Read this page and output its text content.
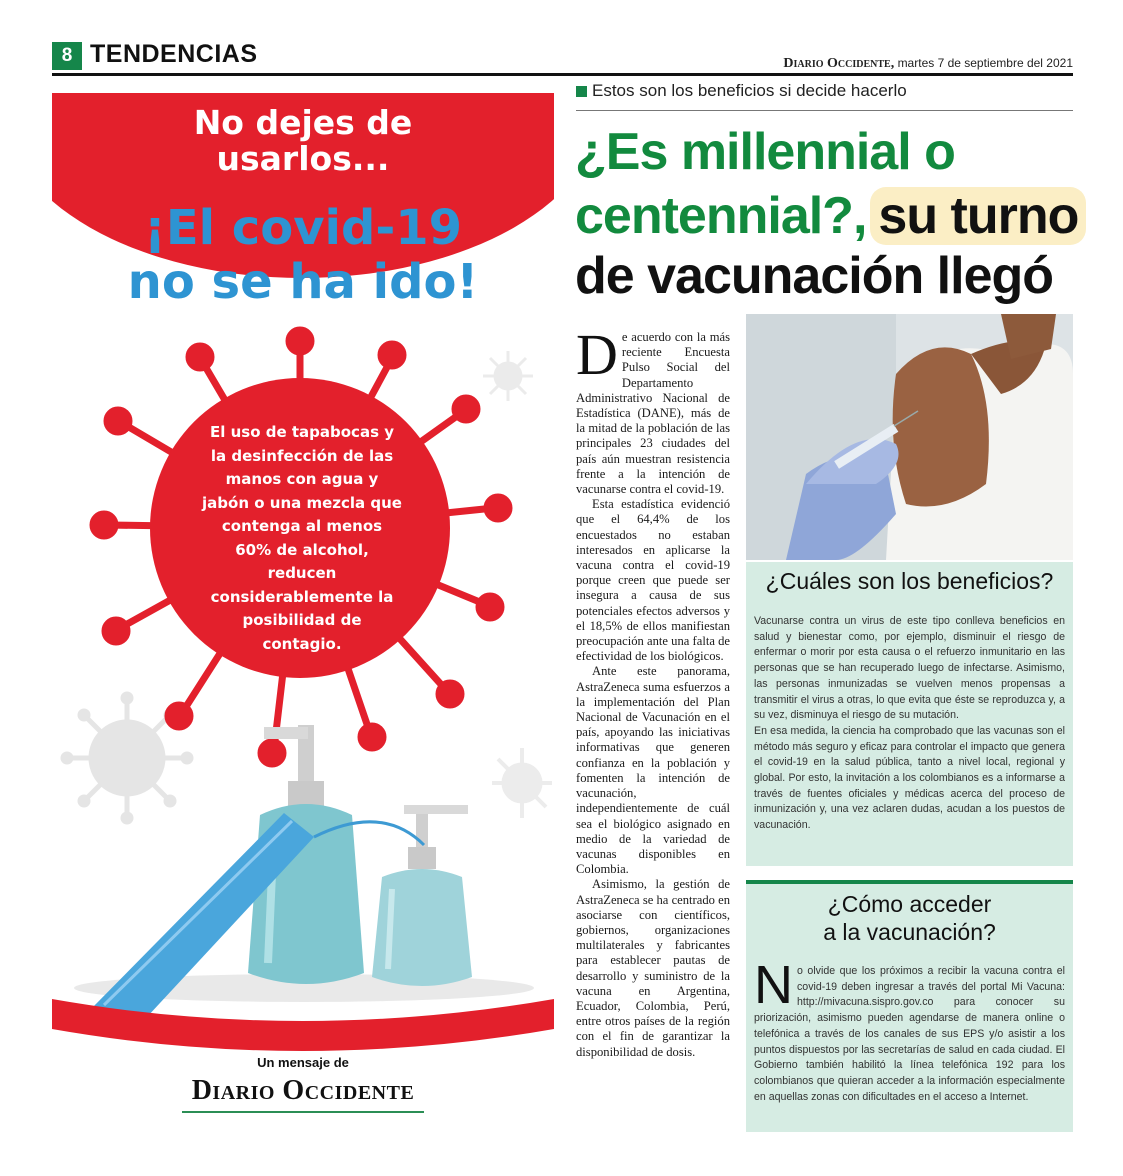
8 TENDENCIAS	Diario Occidente, martes 7 de septiembre del 2021
No dejes de
usarlos...
¡El covid-19
no se ha ido!
El uso de tapabocas y la desinfección de las manos con agua y jabón o una mezcla que contenga al menos 60% de alcohol, reducen considerablemente la posibilidad de contagio.
Un mensaje de
Diario Occidente
Estos son los beneficios si decide hacerlo
¿Es millennial o
centennial?, su turno
de vacunación llegó

De acuerdo con la más reciente Encuesta Pulso Social del Departamento Administrativo Nacional de Estadística (DANE), más de la mitad de la población de las principales 23 ciudades del país aún muestran resistencia frente a la intención de vacunarse contra el covid-19.

Esta estadística evidenció que el 64,4% de los encuestados no estaban interesados en aplicarse la vacuna contra el covid-19 porque creen que puede ser insegura a causa de sus potenciales efectos adversos y el 18,5% de ellos manifiestan preocupación ante una falta de efectividad de los biológicos.

Ante este panorama, AstraZeneca suma esfuerzos a la implementación del Plan Nacional de Vacunación en el país, apoyando las iniciativas informativas que generen confianza en la población y fomenten la intención de vacunación, independientemente de cuál sea el biológico asignado en medio de la variedad de vacunas disponibles en Colombia.

Asimismo, la gestión de AstraZeneca se ha centrado en asociarse con científicos, gobiernos, organizaciones multilaterales y fabricantes para establecer pautas de desarrollo y suministro de la vacuna en Argentina, Ecuador, Colombia, Perú, entre otros países de la región con el fin de garantizar la disponibilidad de dosis.

¿Cuáles son los beneficios?

Vacunarse contra un virus de este tipo conlleva beneficios en salud y bienestar como, por ejemplo, disminuir el riesgo de enfermar o morir por esta causa o el refuerzo inmunitario en las personas que se han recuperado luego de infectarse. Asimismo, las personas inmunizadas se vuelven menos propensas a transmitir el virus a otras, lo que evita que éste se reproduzca y, a su vez, disminuya el riesgo de su mutación.

En esa medida, la ciencia ha comprobado que las vacunas son el método más seguro y eficaz para controlar el impacto que genera el covid-19 en la salud pública, tanto a nivel local, regional y global. Por esto, la invitación a los colombianos es a informarse a través de fuentes oficiales y médicas acerca del proceso de inmunización y, una vez aclaren dudas, acudan a los puestos de vacunación.

¿Cómo acceder
a la vacunación?
No olvide que los próximos a recibir la vacuna contra el covid-19 deben ingresar a través del portal Mi Vacuna: http://mivacuna.sispro.gov.co para conocer su priorización, asimismo pueden agendarse de manera online o telefónica a través de los canales de sus EPS y/o asistir a los puntos dispuestos por las secretarías de salud en cada ciudad. El Gobierno también habilitó la línea telefónica 192 para los colombianos que quieran acceder a la información especialmente en aquellas zonas con dificultades en el acceso a Internet.
